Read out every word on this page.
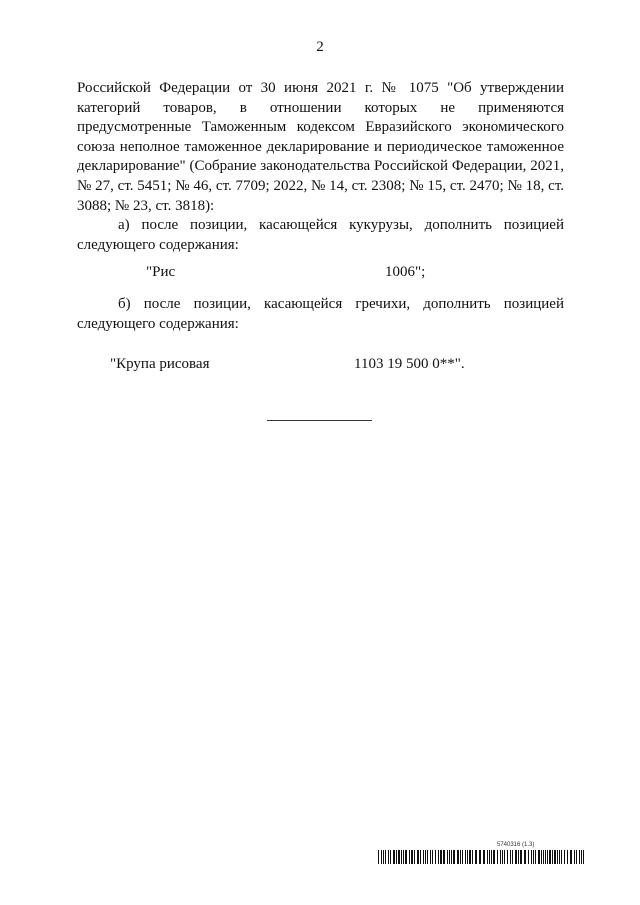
2

Российской Федерации от 30 июня 2021 г. № 1075 "Об утверждении категорий товаров, в отношении которых не применяются предусмотренные Таможенным кодексом Евразийского экономического союза неполное таможенное декларирование и периодическое таможенное декларирование" (Собрание законодательства Российской Федерации, 2021, № 27, ст. 5451; № 46, ст. 7709; 2022, № 14, ст. 2308; № 15, ст. 2470; № 18, ст. 3088; № 23, ст. 3818):

а) после позиции, касающейся кукурузы, дополнить позицией следующего содержания:

"Рис	1006";

б) после позиции, касающейся гречихи, дополнить позицией следующего содержания:

"Крупа рисовая	1103 19 500 0**".
5740316 (1.3)
